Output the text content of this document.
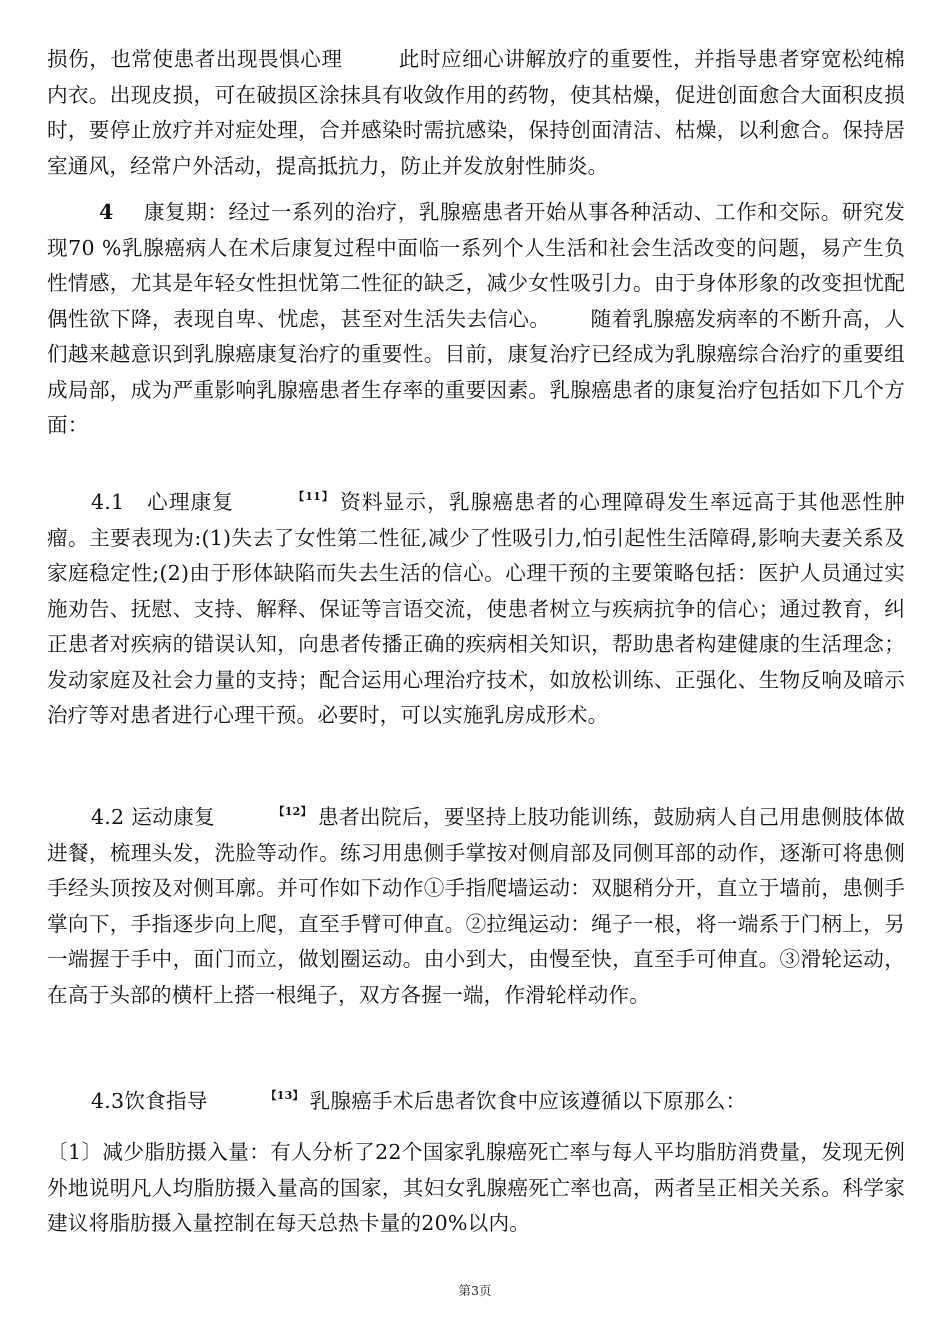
损伤，也常使患者出现畏惧心理	此时应细心讲解放疗的重要性，并指导患者穿宽松纯棉内衣。出现皮损，可在破损区涂抹具有收敛作用的药物，使其枯燥，促进创面愈合大面积皮损时，要停止放疗并对症处理，合并感染时需抗感染，保持创面清洁、枯燥，以利愈合。保持居室通风，经常户外活动，提高抵抗力，防止并发放射性肺炎。
4 康复期：经过一系列的治疗，乳腺癌患者开始从事各种活动、工作和交际。研究发现70 %乳腺癌病人在术后康复过程中面临一系列个人生活和社会生活改变的问题，易产生负性情感，尤其是年轻女性担忧第二性征的缺乏，减少女性吸引力。由于身体形象的改变担忧配偶性欲下降，表现自卑、忧虑，甚至对生活失去信心。 随着乳腺癌发病率的不断升高，人们越来越意识到乳腺癌康复治疗的重要性。目前，康复治疗已经成为乳腺癌综合治疗的重要组成局部，成为严重影响乳腺癌患者生存率的重要因素。乳腺癌患者的康复治疗包括如下几个方面：
4.1　心理康复	$^{【11】}$ 资料显示，乳腺癌患者的心理障碍发生率远高于其他恶性肿瘤。主要表现为:(1)失去了女性第二性征,减少了性吸引力,怕引起性生活障碍,影响夫妻关系及家庭稳定性;(2)由于形体缺陷而失去生活的信心。心理干预的主要策略包括：医护人员通过实施劝告、抚慰、支持、解释、保证等言语交流，使患者树立与疾病抗争的信心；通过教育，纠正患者对疾病的错误认知，向患者传播正确的疾病相关知识，帮助患者构建健康的生活理念；发动家庭及社会力量的支持；配合运用心理治疗技术，如放松训练、正强化、生物反响及暗示治疗等对患者进行心理干预。必要时，可以实施乳房成形术。
4.2 运动康复	$^{【12】}$ 患者出院后，要坚持上肢功能训练，鼓励病人自己用患侧肢体做进餐，梳理头发，洗脸等动作。练习用患侧手掌按对侧肩部及同侧耳部的动作，逐渐可将患侧手经头顶按及对侧耳廓。并可作如下动作①手指爬墙运动：双腿稍分开，直立于墙前，患侧手掌向下，手指逐步向上爬，直至手臂可伸直。②拉绳运动：绳子一根，将一端系于门柄上，另一端握于手中，面门而立，做划圈运动。由小到大，由慢至快，直至手可伸直。③滑轮运动，在高于头部的横杆上搭一根绳子，双方各握一端，作滑轮样动作。
4.3饮食指导	$^{【13】}$ 乳腺癌手术后患者饮食中应该遵循以下原那么：
〔1〕减少脂肪摄入量：有人分析了22个国家乳腺癌死亡率与每人平均脂肪消费量，发现无例外地说明凡人均脂肪摄入量高的国家，其妇女乳腺癌死亡率也高，两者呈正相关关系。科学家建议将脂肪摄入量控制在每天总热卡量的20%以内。
第3页
